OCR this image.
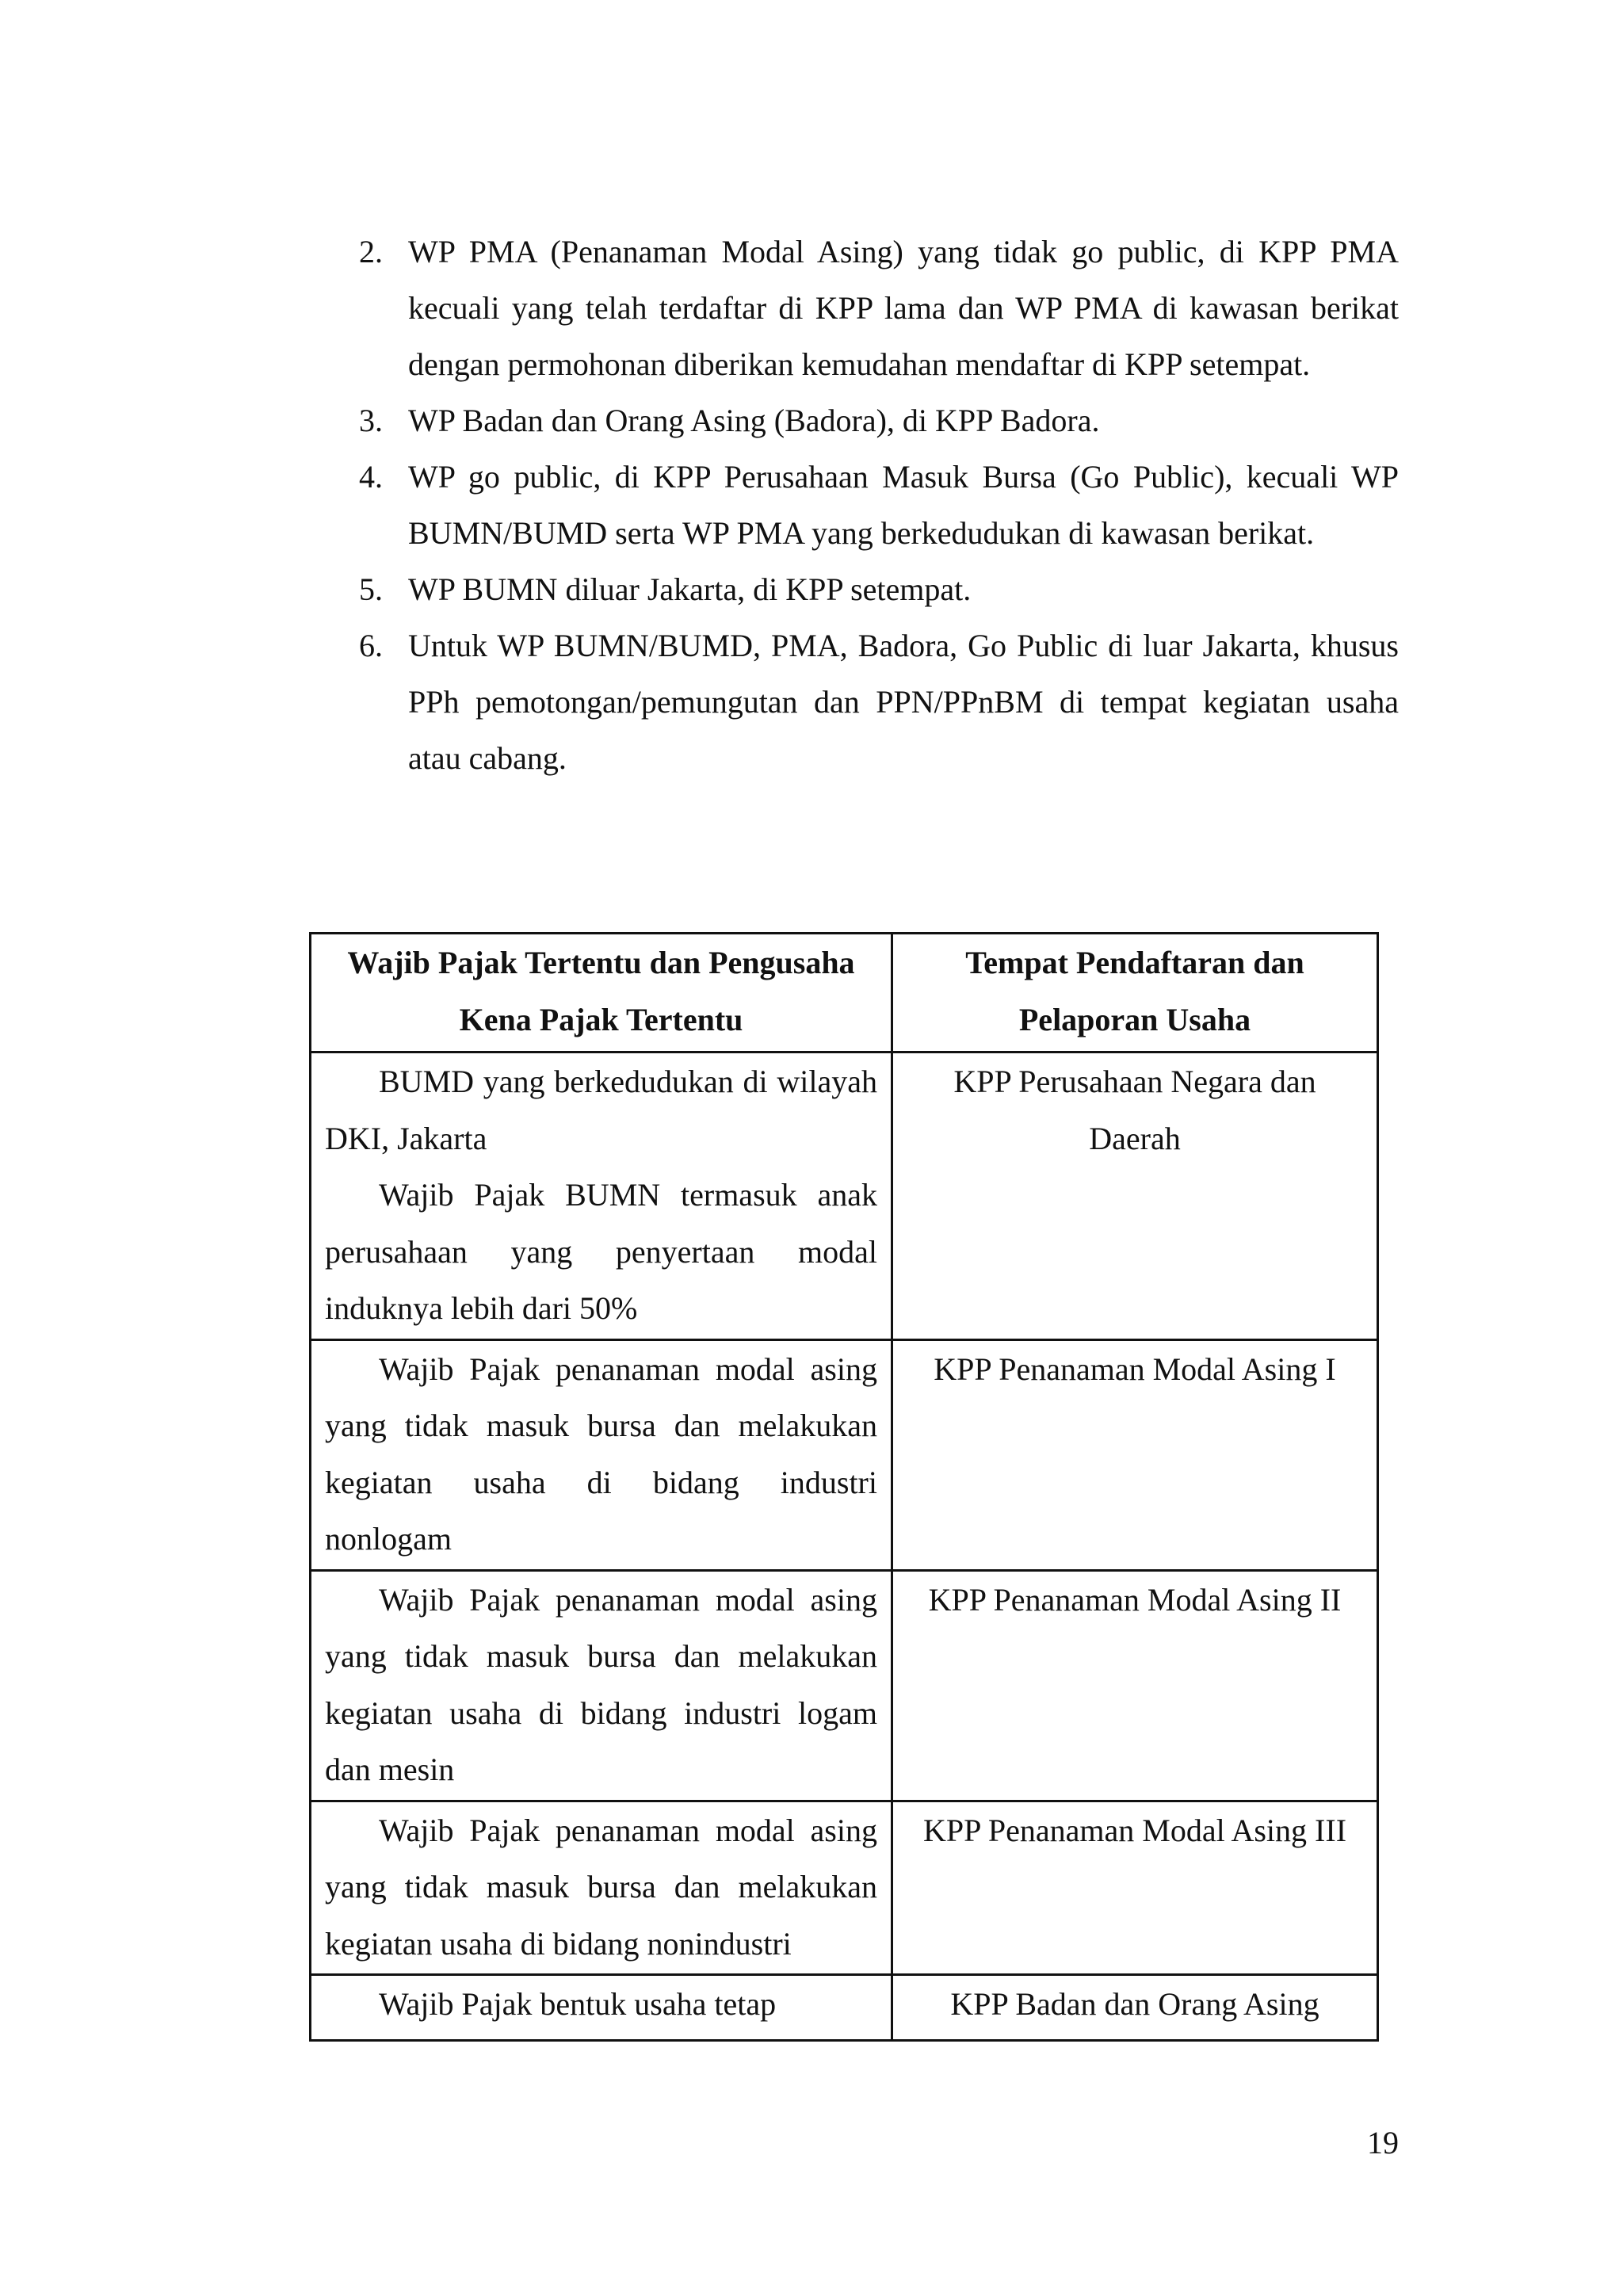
2. WP PMA (Penanaman Modal Asing) yang tidak go public, di KPP PMA kecuali yang telah terdaftar di KPP lama dan WP PMA di kawasan berikat dengan permohonan diberikan kemudahan mendaftar di KPP setempat.
3. WP Badan dan Orang Asing (Badora), di KPP Badora.
4. WP go public, di KPP Perusahaan Masuk Bursa (Go Public), kecuali WP BUMN/BUMD serta WP PMA yang berkedudukan di kawasan berikat.
5. WP BUMN diluar Jakarta, di KPP setempat.
6. Untuk WP BUMN/BUMD, PMA, Badora, Go Public di luar Jakarta, khusus PPh pemotongan/pemungutan dan PPN/PPnBM di tempat kegiatan usaha atau cabang.
Wajib Pajak Tertentu dan Pengusaha Kena Pajak Tertentu	Tempat Pendaftaran dan Pelaporan Usaha

BUMD yang berkedudukan di wilayah DKI, Jakarta
Wajib Pajak BUMN termasuk anak perusahaan yang penyertaan modal induknya lebih dari 50%	KPP Perusahaan Negara dan Daerah

Wajib Pajak penanaman modal asing yang tidak masuk bursa dan melakukan kegiatan usaha di bidang industri nonlogam	KPP Penanaman Modal Asing I

Wajib Pajak penanaman modal asing yang tidak masuk bursa dan melakukan kegiatan usaha di bidang industri logam dan mesin	KPP Penanaman Modal Asing II

Wajib Pajak penanaman modal asing yang tidak masuk bursa dan melakukan kegiatan usaha di bidang nonindustri	KPP Penanaman Modal Asing III

Wajib Pajak bentuk usaha tetap	KPP Badan dan Orang Asing
19
